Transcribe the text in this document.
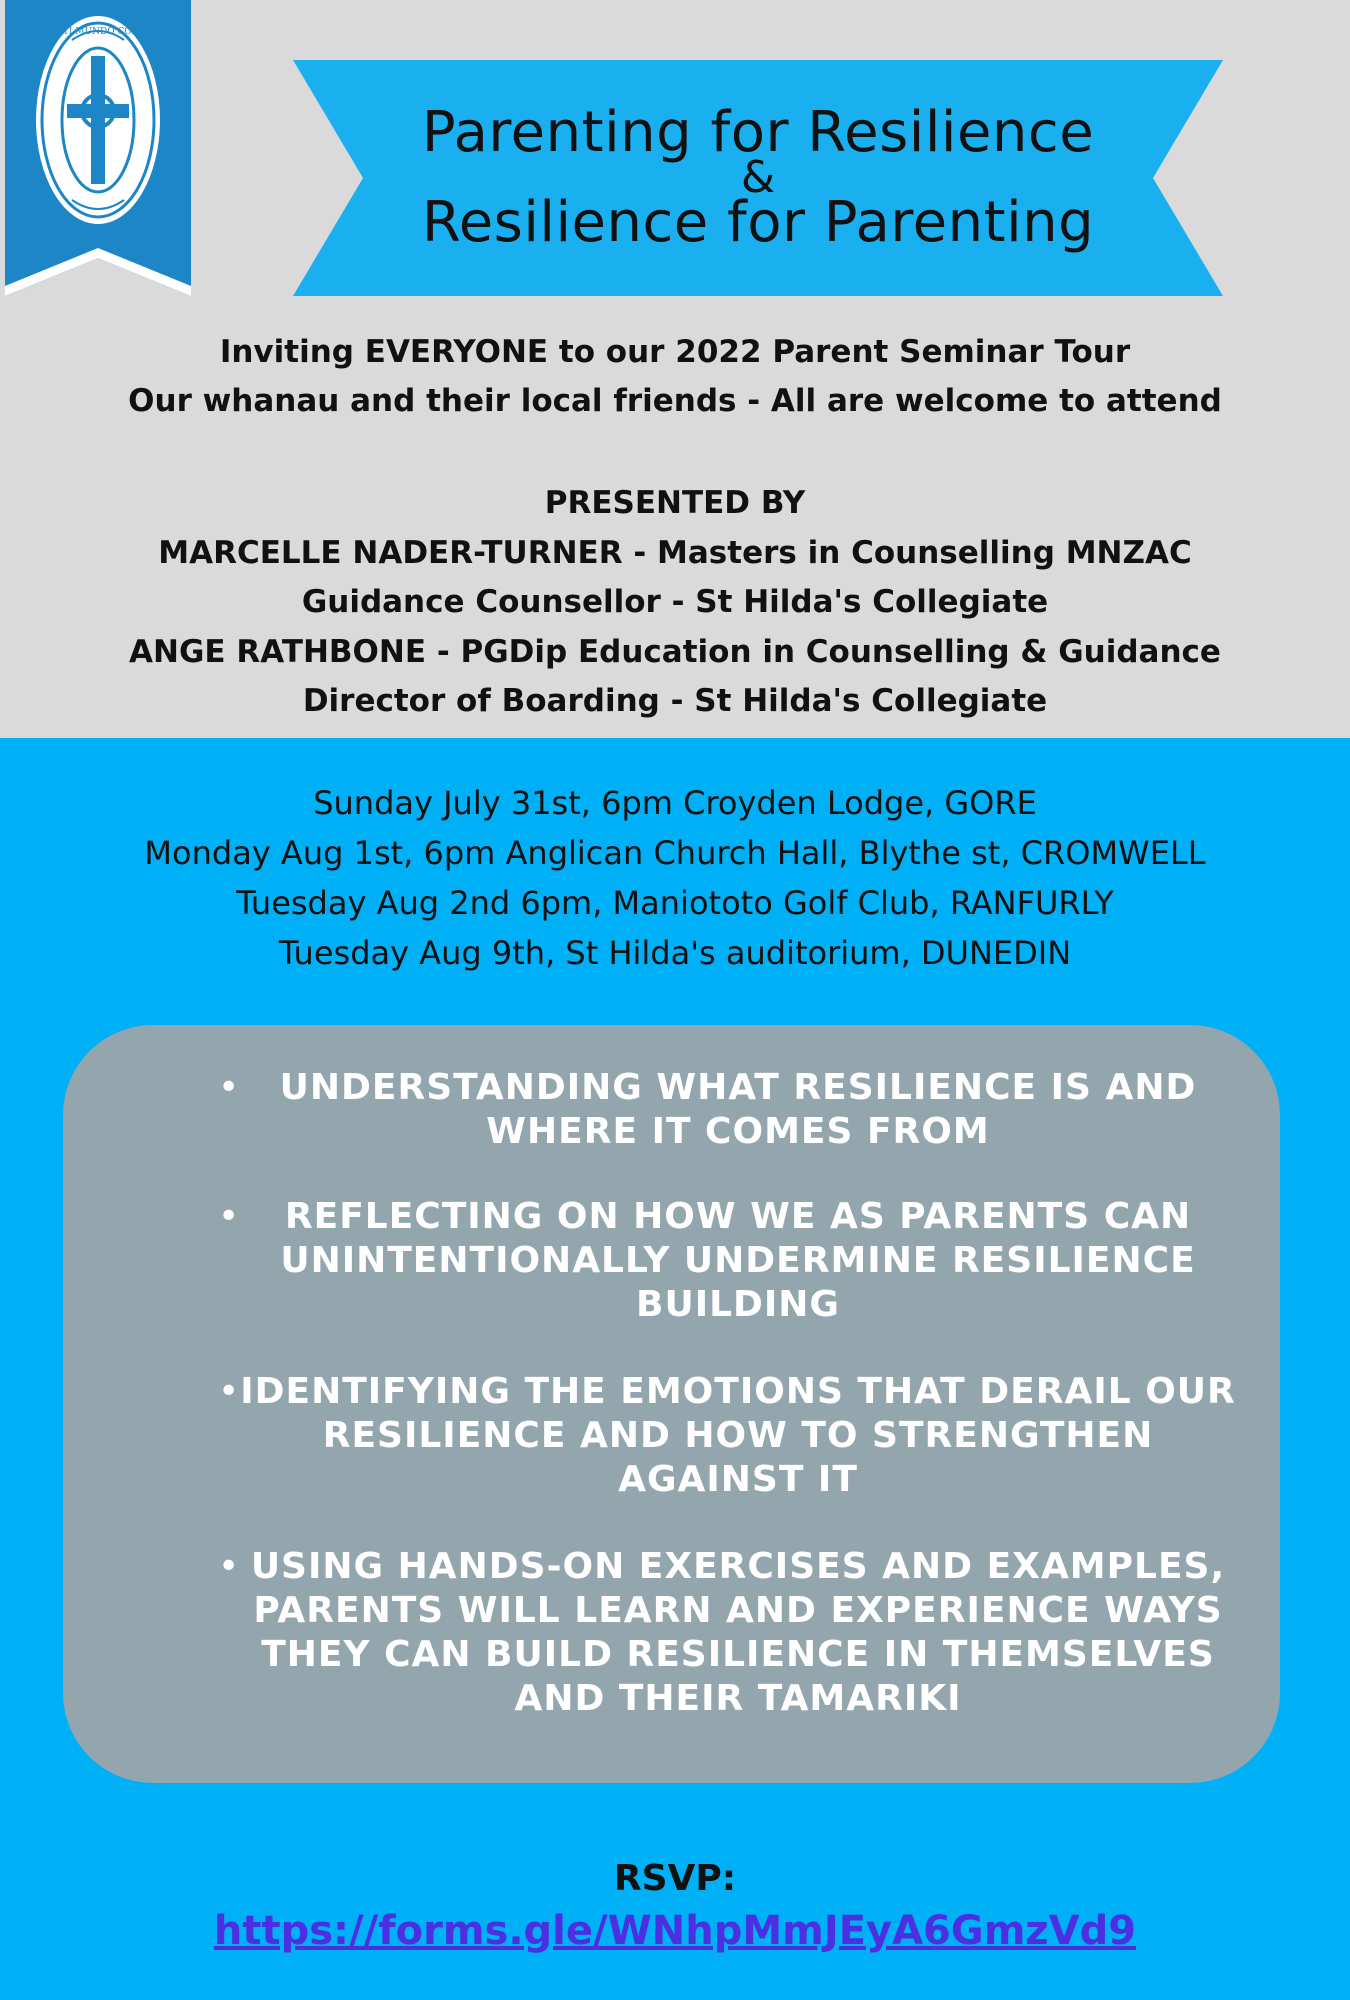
BEATI MUNDO CORDE
Parenting for Resilience
&
Resilience for Parenting
Inviting EVERYONE to our 2022 Parent Seminar Tour
Our whanau and their local friends - All are welcome to attend
PRESENTED BY
MARCELLE NADER-TURNER - Masters in Counselling MNZAC
Guidance Counsellor - St Hilda's Collegiate
ANGE RATHBONE - PGDip Education in Counselling & Guidance
Director of Boarding - St Hilda's Collegiate
Sunday July 31st, 6pm Croyden Lodge, GORE
Monday Aug 1st, 6pm Anglican Church Hall, Blythe st, CROMWELL
Tuesday Aug 2nd 6pm, Maniototo Golf Club, RANFURLY
Tuesday Aug 9th, St Hilda's auditorium, DUNEDIN
•	UNDERSTANDING WHAT RESILIENCE IS AND WHERE IT COMES FROM
•	REFLECTING ON HOW WE AS PARENTS CAN UNINTENTIONALLY UNDERMINE RESILIENCE BUILDING
• IDENTIFYING THE EMOTIONS THAT DERAIL OUR RESILIENCE AND HOW TO STRENGTHEN AGAINST IT
• USING HANDS-ON EXERCISES AND EXAMPLES, PARENTS WILL LEARN AND EXPERIENCE WAYS THEY CAN BUILD RESILIENCE IN THEMSELVES AND THEIR TAMARIKI
RSVP:
https://forms.gle/WNhpMmJEyA6GmzVd9
